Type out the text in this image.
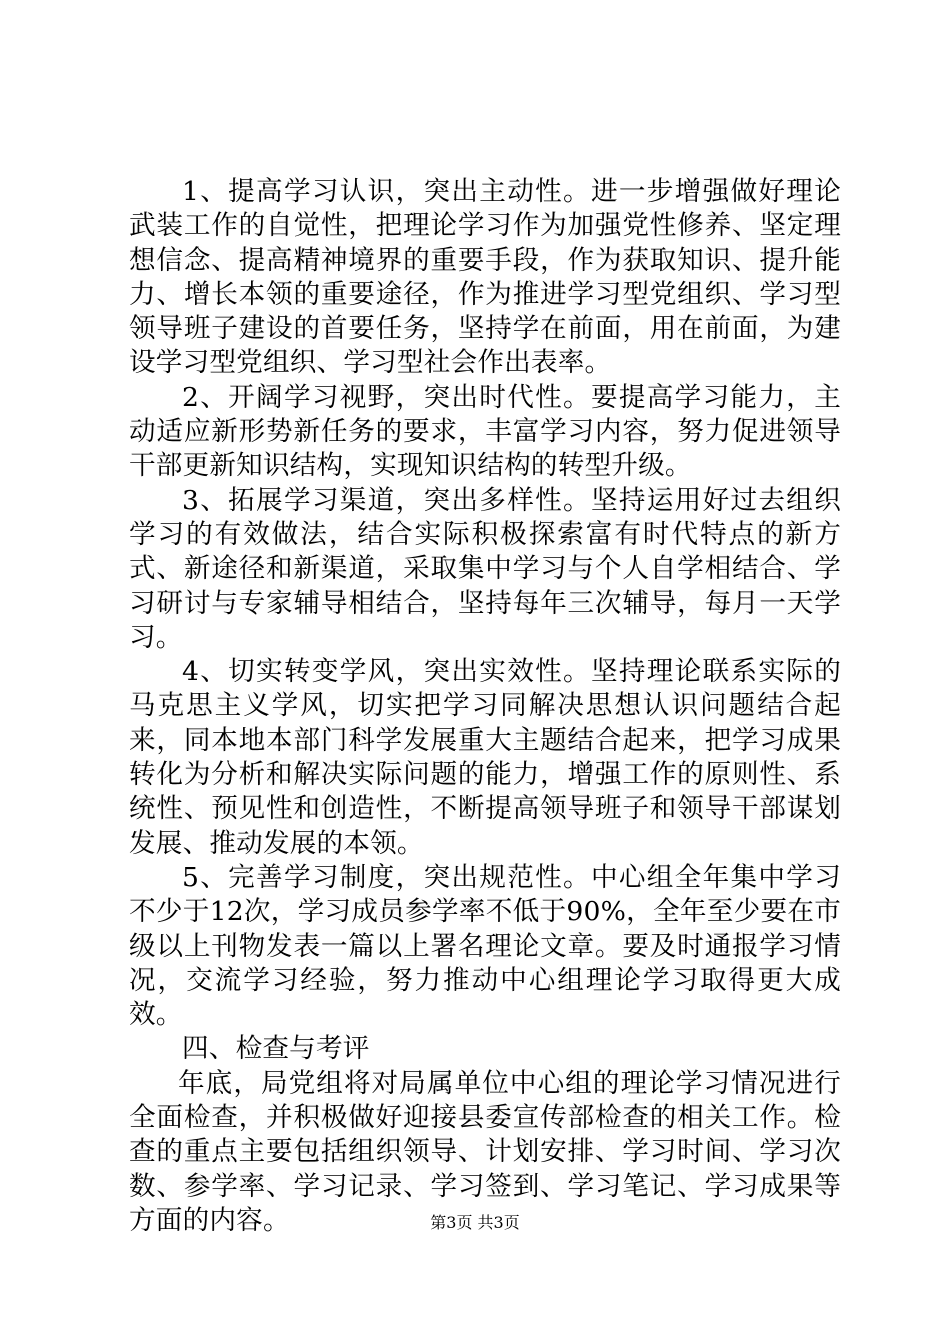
1、提高学习认识，突出主动性。进一步增强做好理论武装工作的自觉性，把理论学习作为加强党性修养、坚定理想信念、提高精神境界的重要手段，作为获取知识、提升能力、增长本领的重要途径，作为推进学习型党组织、学习型领导班子建设的首要任务，坚持学在前面，用在前面，为建设学习型党组织、学习型社会作出表率。

2、开阔学习视野，突出时代性。要提高学习能力，主动适应新形势新任务的要求，丰富学习内容，努力促进领导干部更新知识结构，实现知识结构的转型升级。

3、拓展学习渠道，突出多样性。坚持运用好过去组织学习的有效做法，结合实际积极探索富有时代特点的新方式、新途径和新渠道，采取集中学习与个人自学相结合、学习研讨与专家辅导相结合，坚持每年三次辅导，每月一天学习。

4、切实转变学风，突出实效性。坚持理论联系实际的马克思主义学风，切实把学习同解决思想认识问题结合起来，同本地本部门科学发展重大主题结合起来，把学习成果转化为分析和解决实际问题的能力，增强工作的原则性、系统性、预见性和创造性，不断提高领导班子和领导干部谋划发展、推动发展的本领。

5、完善学习制度，突出规范性。中心组全年集中学习不少于12次，学习成员参学率不低于90%，全年至少要在市级以上刊物发表一篇以上署名理论文章。要及时通报学习情况，交流学习经验，努力推动中心组理论学习取得更大成效。

四、检查与考评

年底，局党组将对局属单位中心组的理论学习情况进行全面检查，并积极做好迎接县委宣传部检查的相关工作。检查的重点主要包括组织领导、计划安排、学习时间、学习次数、参学率、学习记录、学习签到、学习笔记、学习成果等方面的内容。	第3页 共3页
